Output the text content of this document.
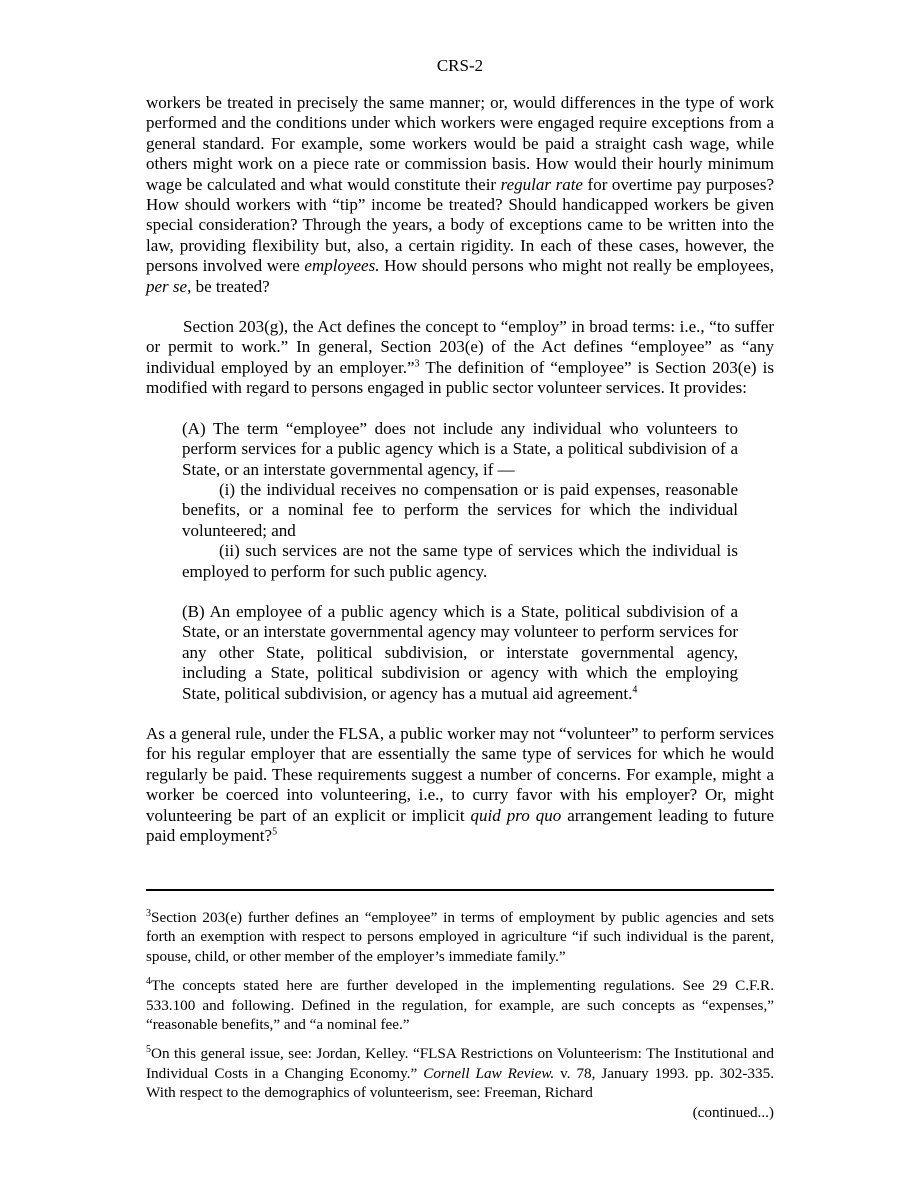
CRS-2

workers be treated in precisely the same manner; or, would differences in the type of work performed and the conditions under which workers were engaged require exceptions from a general standard. For example, some workers would be paid a straight cash wage, while others might work on a piece rate or commission basis. How would their hourly minimum wage be calculated and what would constitute their regular rate for overtime pay purposes? How should workers with “tip” income be treated? Should handicapped workers be given special consideration? Through the years, a body of exceptions came to be written into the law, providing flexibility but, also, a certain rigidity. In each of these cases, however, the persons involved were employees. How should persons who might not really be employees, per se, be treated?

Section 203(g), the Act defines the concept to “employ” in broad terms: i.e., “to suffer or permit to work.” In general, Section 203(e) of the Act defines “employee” as “any individual employed by an employer.”$^3$ The definition of “employee” is Section 203(e) is modified with regard to persons engaged in public sector volunteer services. It provides:

(A) The term “employee” does not include any individual who volunteers to perform services for a public agency which is a State, a political subdivision of a State, or an interstate governmental agency, if —

(i) the individual receives no compensation or is paid expenses, reasonable benefits, or a nominal fee to perform the services for which the individual volunteered; and

(ii) such services are not the same type of services which the individual is employed to perform for such public agency.

(B) An employee of a public agency which is a State, political subdivision of a State, or an interstate governmental agency may volunteer to perform services for any other State, political subdivision, or interstate governmental agency, including a State, political subdivision or agency with which the employing State, political subdivision, or agency has a mutual aid agreement.$^4$

As a general rule, under the FLSA, a public worker may not “volunteer” to perform services for his regular employer that are essentially the same type of services for which he would regularly be paid. These requirements suggest a number of concerns. For example, might a worker be coerced into volunteering, i.e., to curry favor with his employer? Or, might volunteering be part of an explicit or implicit quid pro quo arrangement leading to future paid employment?$^5$

$^3$Section 203(e) further defines an “employee” in terms of employment by public agencies and sets forth an exemption with respect to persons employed in agriculture “if such individual is the parent, spouse, child, or other member of the employer’s immediate family.”

$^4$The concepts stated here are further developed in the implementing regulations. See 29 C.F.R. 533.100 and following. Defined in the regulation, for example, are such concepts as “expenses,” “reasonable benefits,” and “a nominal fee.”

$^5$On this general issue, see: Jordan, Kelley. “FLSA Restrictions on Volunteerism: The Institutional and Individual Costs in a Changing Economy.” Cornell Law Review. v. 78, January 1993. pp. 302-335. With respect to the demographics of volunteerism, see: Freeman, Richard

(continued...)
